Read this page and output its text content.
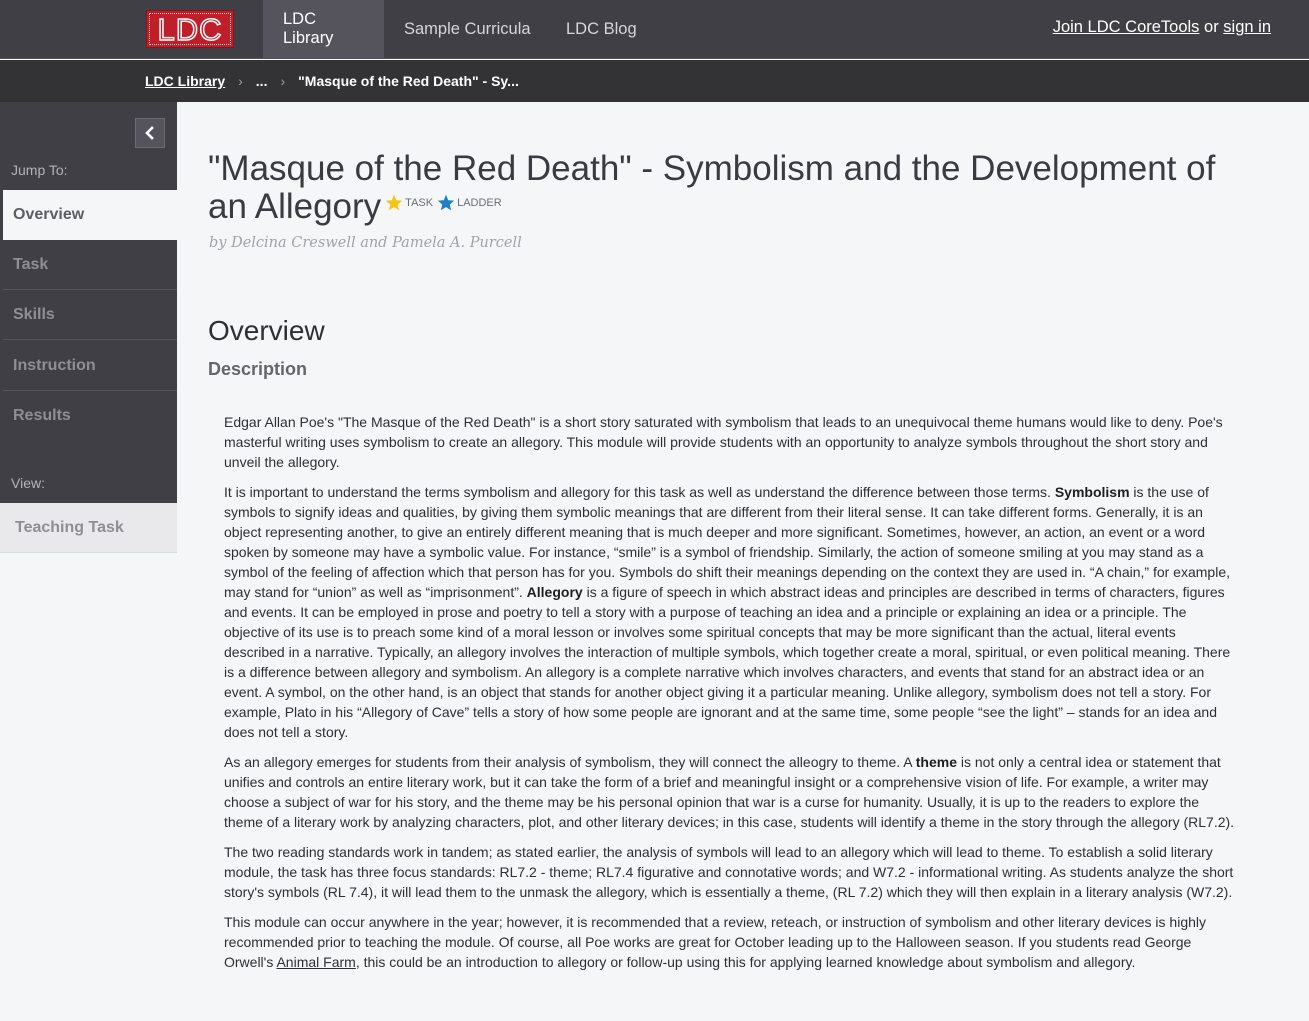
LDC	LDC Library
Sample Curricula	LDC Blog	Join LDC CoreTools or sign in
LDC Library › ... › "Masque of the Red Death" - Sy...
Jump To:
Overview
Task
Skills
Instruction
Results
View:
Teaching Task
"Masque of the Red Death" - Symbolism and the Development of an Allegory TASK LADDER
by Delcina Creswell and Pamela A. Purcell
Overview
Description

Edgar Allan Poe's "The Masque of the Red Death" is a short story saturated with symbolism that leads to an unequivocal theme humans would like to deny. Poe's masterful writing uses symbolism to create an allegory. This module will provide students with an opportunity to analyze symbols throughout the short story and unveil the allegory.

It is important to understand the terms symbolism and allegory for this task as well as understand the difference between those terms. Symbolism is the use of symbols to signify ideas and qualities, by giving them symbolic meanings that are different from their literal sense. It can take different forms. Generally, it is an object representing another, to give an entirely different meaning that is much deeper and more significant. Sometimes, however, an action, an event or a word spoken by someone may have a symbolic value. For instance, “smile” is a symbol of friendship. Similarly, the action of someone smiling at you may stand as a symbol of the feeling of affection which that person has for you. Symbols do shift their meanings depending on the context they are used in. “A chain,” for example, may stand for “union” as well as “imprisonment”. Allegory is a figure of speech in which abstract ideas and principles are described in terms of characters, figures and events. It can be employed in prose and poetry to tell a story with a purpose of teaching an idea and a principle or explaining an idea or a principle. The objective of its use is to preach some kind of a moral lesson or involves some spiritual concepts that may be more significant than the actual, literal events described in a narrative. Typically, an allegory involves the interaction of multiple symbols, which together create a moral, spiritual, or even political meaning. There is a difference between allegory and symbolism. An allegory is a complete narrative which involves characters, and events that stand for an abstract idea or an event. A symbol, on the other hand, is an object that stands for another object giving it a particular meaning. Unlike allegory, symbolism does not tell a story. For example, Plato in his “Allegory of Cave” tells a story of how some people are ignorant and at the same time, some people “see the light” – stands for an idea and does not tell a story.

As an allegory emerges for students from their analysis of symbolism, they will connect the alleogry to theme. A theme is not only a central idea or statement that unifies and controls an entire literary work, but it can take the form of a brief and meaningful insight or a comprehensive vision of life. For example, a writer may choose a subject of war for his story, and the theme may be his personal opinion that war is a curse for humanity. Usually, it is up to the readers to explore the theme of a literary work by analyzing characters, plot, and other literary devices; in this case, students will identify a theme in the story through the allegory (RL7.2).

The two reading standards work in tandem; as stated earlier, the analysis of symbols will lead to an allegory which will lead to theme. To establish a solid literary module, the task has three focus standards: RL7.2 - theme; RL7.4 figurative and connotative words; and W7.2 - informational writing. As students analyze the short story's symbols (RL 7.4), it will lead them to the unmask the allegory, which is essentially a theme, (RL 7.2) which they will then explain in a literary analysis (W7.2).

This module can occur anywhere in the year; however, it is recommended that a review, reteach, or instruction of symbolism and other literary devices is highly recommended prior to teaching the module. Of course, all Poe works are great for October leading up to the Halloween season. If you students read George Orwell's Animal Farm, this could be an introduction to allegory or follow-up using this for applying learned knowledge about symbolism and allegory.
